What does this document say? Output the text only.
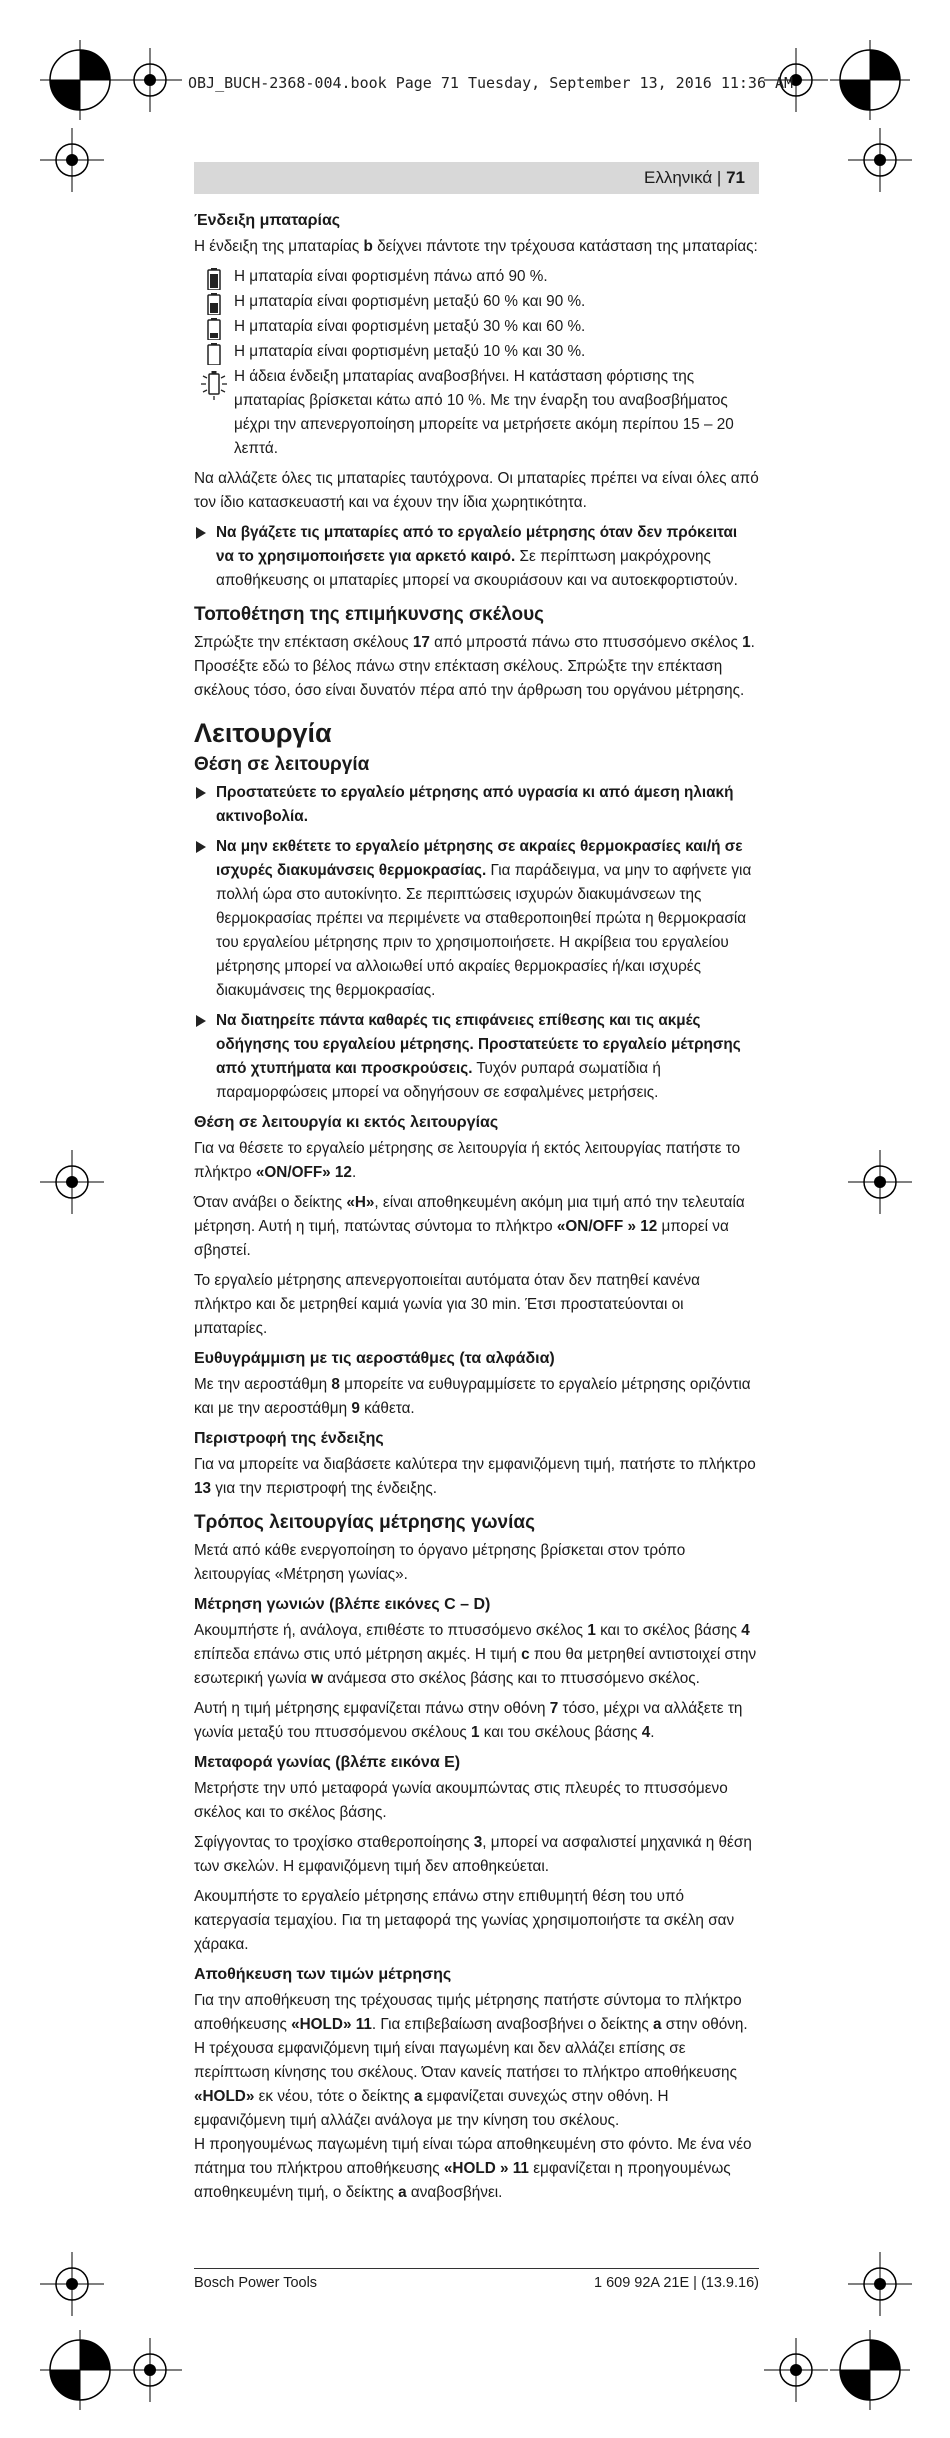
OBJ_BUCH-2368-004.book Page 71 Tuesday, September 13, 2016 11:36 AM
Ελληνικά | 71
Ένδειξη μπαταρίας

Η ένδειξη της μπαταρίας b δείχνει πάντοτε την τρέχουσα κατάσταση της μπαταρίας:

Η μπαταρία είναι φορτισμένη πάνω από 90 %.
Η μπαταρία είναι φορτισμένη μεταξύ 60 % και 90 %.
Η μπαταρία είναι φορτισμένη μεταξύ 30 % και 60 %.
Η μπαταρία είναι φορτισμένη μεταξύ 10 % και 30 %.
Η άδεια ένδειξη μπαταρίας αναβοσβήνει. Η κατάσταση φόρτισης της μπαταρίας βρίσκεται κάτω από 10 %. Με την έναρξη του αναβοσβήματος μέχρι την απενεργοποίηση μπορείτε να μετρήσετε ακόμη περίπου 15 – 20 λεπτά.

Να αλλάζετε όλες τις μπαταρίες ταυτόχρονα. Οι μπαταρίες πρέπει να είναι όλες από τον ίδιο κατασκευαστή και να έχουν την ίδια χωρητικότητα.

Να βγάζετε τις μπαταρίες από το εργαλείο μέτρησης όταν δεν πρόκειται να το χρησιμοποιήσετε για αρκετό καιρό. Σε περίπτωση μακρόχρονης αποθήκευσης οι μπαταρίες μπορεί να σκουριάσουν και να αυτοεκφορτιστούν.
Τοποθέτηση της επιμήκυνσης σκέλους

Σπρώξτε την επέκταση σκέλους 17 από μπροστά πάνω στο πτυσσόμενο σκέλος 1. Προσέξτε εδώ το βέλος πάνω στην επέκταση σκέλους. Σπρώξτε την επέκταση σκέλους τόσο, όσο είναι δυνατόν πέρα από την άρθρωση του οργάνου μέτρησης.

Λειτουργία
Θέση σε λειτουργία
Προστατεύετε το εργαλείο μέτρησης από υγρασία κι από άμεση ηλιακή ακτινοβολία.
Να μην εκθέτετε το εργαλείο μέτρησης σε ακραίες θερμοκρασίες και/ή σε ισχυρές διακυμάνσεις θερμοκρασίας. Για παράδειγμα, να μην το αφήνετε για πολλή ώρα στο αυτοκίνητο. Σε περιπτώσεις ισχυρών διακυμάνσεων της θερμοκρασίας πρέπει να περιμένετε να σταθεροποιηθεί πρώτα η θερμοκρασία του εργαλείου μέτρησης πριν το χρησιμοποιήσετε. Η ακρίβεια του εργαλείου μέτρησης μπορεί να αλλοιωθεί υπό ακραίες θερμοκρασίες ή/και ισχυρές διακυμάνσεις της θερμοκρασίας.
Να διατηρείτε πάντα καθαρές τις επιφάνειες επίθεσης και τις ακμές οδήγησης του εργαλείου μέτρησης. Προστατεύετε το εργαλείο μέτρησης από χτυπήματα και προσκρούσεις. Τυχόν ρυπαρά σωματίδια ή παραμορφώσεις μπορεί να οδηγήσουν σε εσφαλμένες μετρήσεις.
Θέση σε λειτουργία κι εκτός λειτουργίας

Για να θέσετε το εργαλείο μέτρησης σε λειτουργία ή εκτός λειτουργίας πατήστε το πλήκτρο «ON/OFF» 12.

Όταν ανάβει ο δείκτης «H», είναι αποθηκευμένη ακόμη μια τιμή από την τελευταία μέτρηση. Αυτή η τιμή, πατώντας σύντομα το πλήκτρο «ON/OFF » 12 μπορεί να σβηστεί.

Το εργαλείο μέτρησης απενεργοποιείται αυτόματα όταν δεν πατηθεί κανένα πλήκτρο και δε μετρηθεί καμιά γωνία για 30 min. Έτσι προστατεύονται οι μπαταρίες.

Ευθυγράμμιση με τις αεροστάθμες (τα αλφάδια)

Με την αεροστάθμη 8 μπορείτε να ευθυγραμμίσετε το εργαλείο μέτρησης οριζόντια και με την αεροστάθμη 9 κάθετα.

Περιστροφή της ένδειξης

Για να μπορείτε να διαβάσετε καλύτερα την εμφανιζόμενη τιμή, πατήστε το πλήκτρο 13 για την περιστροφή της ένδειξης.

Τρόπος λειτουργίας μέτρησης γωνίας

Μετά από κάθε ενεργοποίηση το όργανο μέτρησης βρίσκεται στον τρόπο λειτουργίας «Μέτρηση γωνίας».

Μέτρηση γωνιών (βλέπε εικόνες C – D)

Ακουμπήστε ή, ανάλογα, επιθέστε το πτυσσόμενο σκέλος 1 και το σκέλος βάσης 4 επίπεδα επάνω στις υπό μέτρηση ακμές. Η τιμή c που θα μετρηθεί αντιστοιχεί στην εσωτερική γωνία w ανάμεσα στο σκέλος βάσης και το πτυσσόμενο σκέλος.

Αυτή η τιμή μέτρησης εμφανίζεται πάνω στην οθόνη 7 τόσο, μέχρι να αλλάξετε τη γωνία μεταξύ του πτυσσόμενου σκέλους 1 και του σκέλους βάσης 4.

Μεταφορά γωνίας (βλέπε εικόνα E)

Μετρήστε την υπό μεταφορά γωνία ακουμπώντας στις πλευρές το πτυσσόμενο σκέλος και το σκέλος βάσης.

Σφίγγοντας το τροχίσκο σταθεροποίησης 3, μπορεί να ασφαλιστεί μηχανικά η θέση των σκελών. Η εμφανιζόμενη τιμή δεν αποθηκεύεται.

Ακουμπήστε το εργαλείο μέτρησης επάνω στην επιθυμητή θέση του υπό κατεργασία τεμαχίου. Για τη μεταφορά της γωνίας χρησιμοποιήστε τα σκέλη σαν χάρακα.

Αποθήκευση των τιμών μέτρησης

Για την αποθήκευση της τρέχουσας τιμής μέτρησης πατήστε σύντομα το πλήκτρο αποθήκευσης «HOLD» 11. Για επιβεβαίωση αναβοσβήνει ο δείκτης a στην οθόνη. Η τρέχουσα εμφανιζόμενη τιμή είναι παγωμένη και δεν αλλάζει επίσης σε περίπτωση κίνησης του σκέλους. Όταν κανείς πατήσει το πλήκτρο αποθήκευσης «HOLD» εκ νέου, τότε ο δείκτης a εμφανίζεται συνεχώς στην οθόνη. Η εμφανιζόμενη τιμή αλλάζει ανάλογα με την κίνηση του σκέλους.

Η προηγουμένως παγωμένη τιμή είναι τώρα αποθηκευμένη στο φόντο. Με ένα νέο πάτημα του πλήκτρου αποθήκευσης «HOLD » 11 εμφανίζεται η προηγουμένως αποθηκευμένη τιμή, ο δείκτης a αναβοσβήνει.

Bosch Power Tools	1 609 92A 21E | (13.9.16)
